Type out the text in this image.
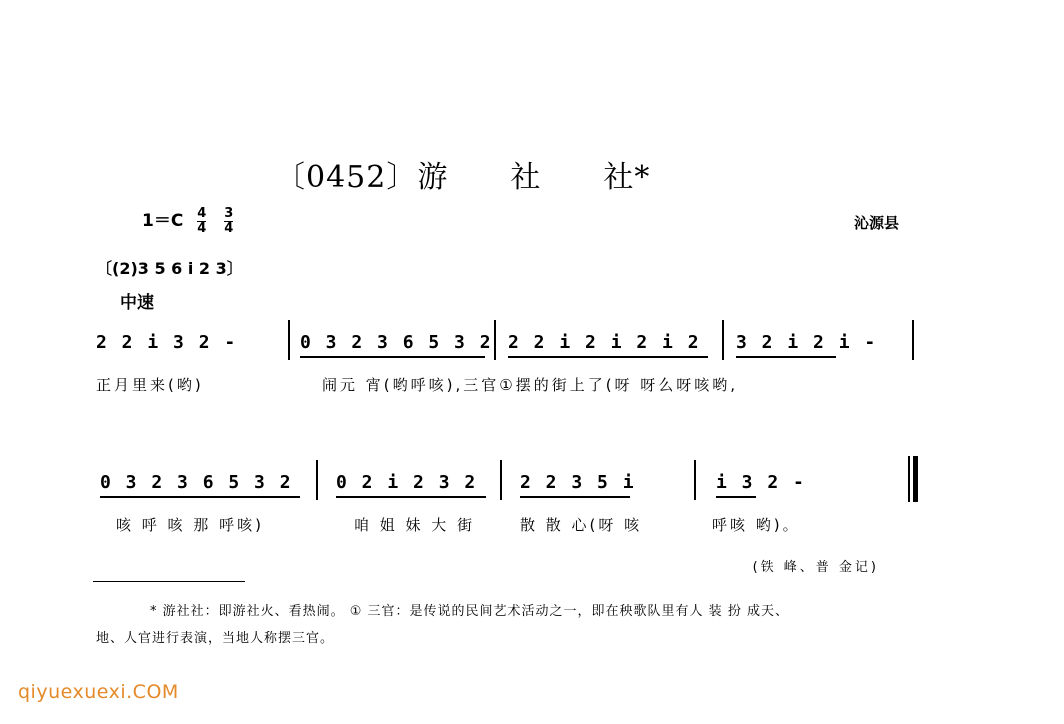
〔0452〕游 社 社*
$1=C \frac{4}{4}$
$\frac{3}{4}$	沁源县
〔(2)3 5 6 i 2 3〕
中速
2 2 i 3 2 -	0 3 2 3 6 5 3 2 2 2 i 2 i 2 i 2 3 2 i 2 i -
正月里来(哟)	闹元 宵(哟呼咳),三官①摆的街上了(呀 呀么呀咳哟,
0 3 2 3 6 5 3 2 0 2 i 2 3 2 2 2 3 5 i	i 3 2 -
咳 呼 咳 那 呼咳)	咱 姐 妹 大 街	散 散 心(呀 咳	呼咳 哟)。
(铁 峰、普 金记)
* 游社社：即游社火、看热闹。 ① 三官：是传说的民间艺术活动之一，即在秧歌队里有人 装 扮 成天、
地、人官进行表演，当地人称摆三官。
qiyuexuexi.COM
